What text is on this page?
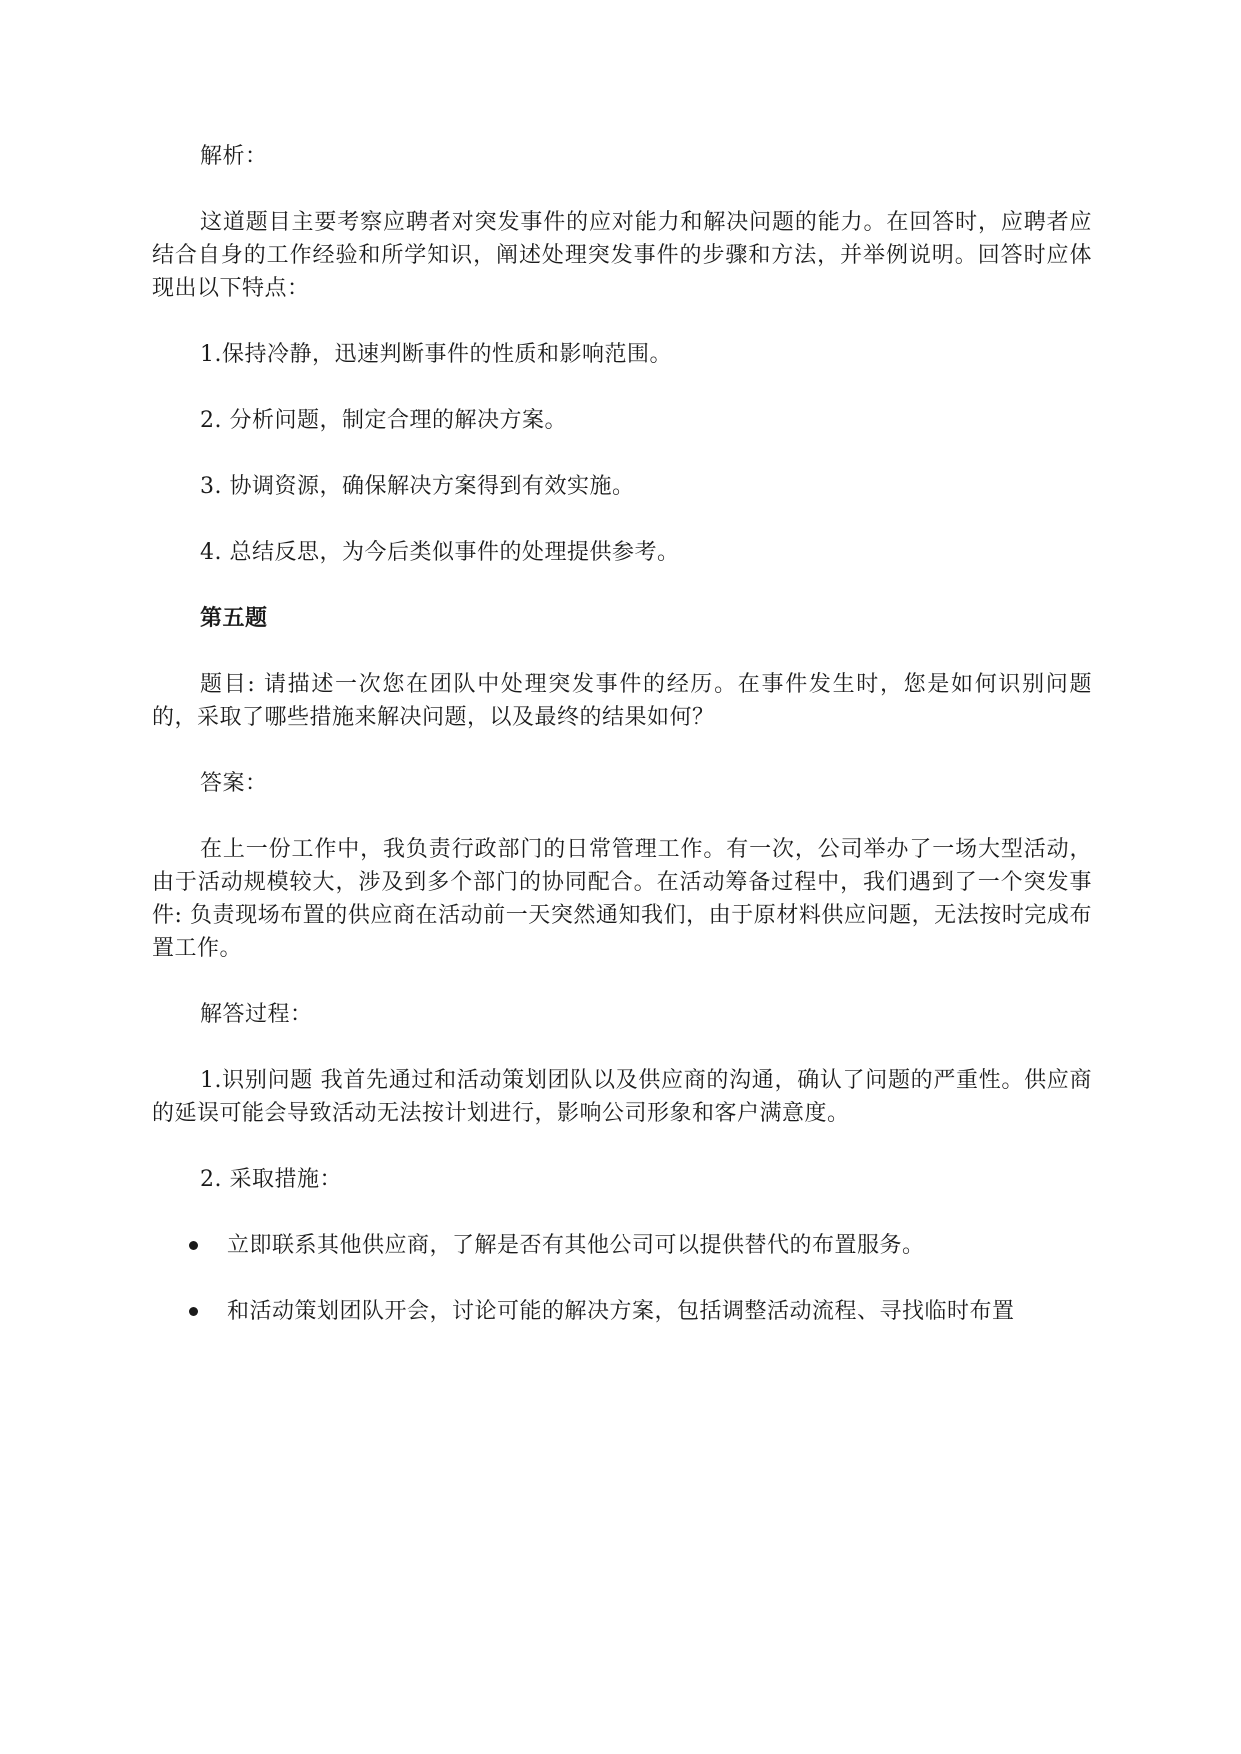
解析：

这道题目主要考察应聘者对突发事件的应对能力和解决问题的能力。在回答时，应聘者应结合自身的工作经验和所学知识，阐述处理突发事件的步骤和方法，并举例说明。回答时应体现出以下特点：

1.保持冷静，迅速判断事件的性质和影响范围。

2. 分析问题，制定合理的解决方案。

3. 协调资源，确保解决方案得到有效实施。

4. 总结反思，为今后类似事件的处理提供参考。

第五题

题目: 请描述一次您在团队中处理突发事件的经历。在事件发生时，您是如何识别问题的，采取了哪些措施来解决问题，以及最终的结果如何？

答案：

在上一份工作中，我负责行政部门的日常管理工作。有一次，公司举办了一场大型活动，由于活动规模较大，涉及到多个部门的协同配合。在活动筹备过程中，我们遇到了一个突发事件: 负责现场布置的供应商在活动前一天突然通知我们，由于原材料供应问题，无法按时完成布置工作。

解答过程：

1.识别问题 我首先通过和活动策划团队以及供应商的沟通，确认了问题的严重性。供应商的延误可能会导致活动无法按计划进行，影响公司形象和客户满意度。

2. 采取措施：

立即联系其他供应商，了解是否有其他公司可以提供替代的布置服务。
和活动策划团队开会，讨论可能的解决方案，包括调整活动流程、寻找临时布置
